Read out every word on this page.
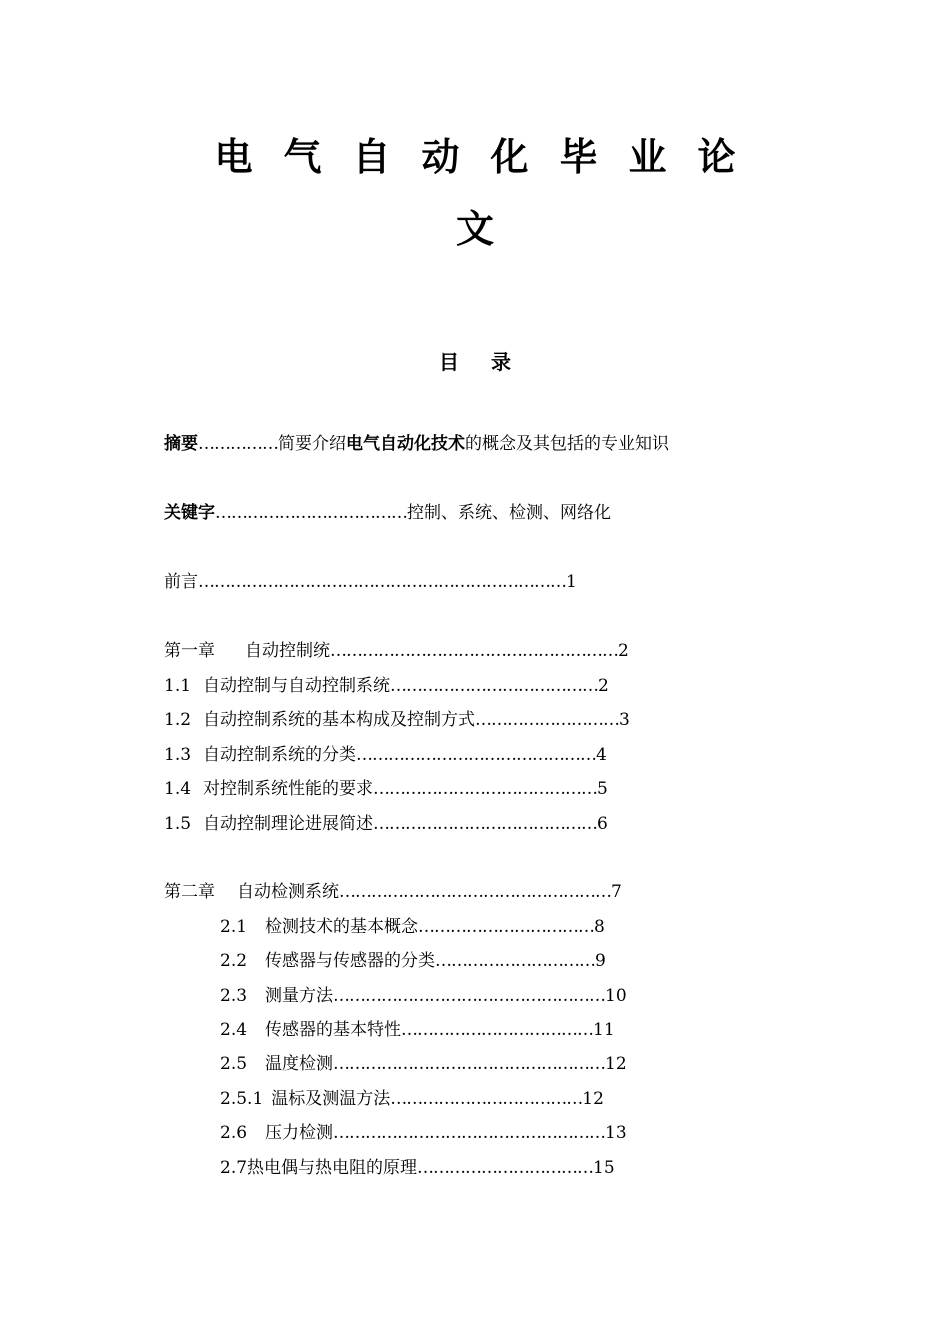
电气自动化毕业论
文
目录
摘要……………简要介绍电气自动化技术的概念及其包括的专业知识
关键字………………………………控制、系统、检测、网络化
前言……………………………………………………………1
第一章 自动控制统………………………………………………2
1.1 自动控制与自动控制系统…………………………………2
1.2 自动控制系统的基本构成及控制方式………………………3
1.3 自动控制系统的分类………………………………………4
1.4 对控制系统性能的要求……………………………………5
1.5 自动控制理论进展简述……………………………………6
第二章 自动检测系统……………………………………………7
2.1 检测技术的基本概念……………………………8
2.2 传感器与传感器的分类…………………………9
2.3 测量方法……………………………………………10
2.4 传感器的基本特性………………………………11
2.5 温度检测……………………………………………12
2.5.1 温标及测温方法………………………………12
2.6 压力检测……………………………………………13
2.7热电偶与热电阻的原理……………………………15
